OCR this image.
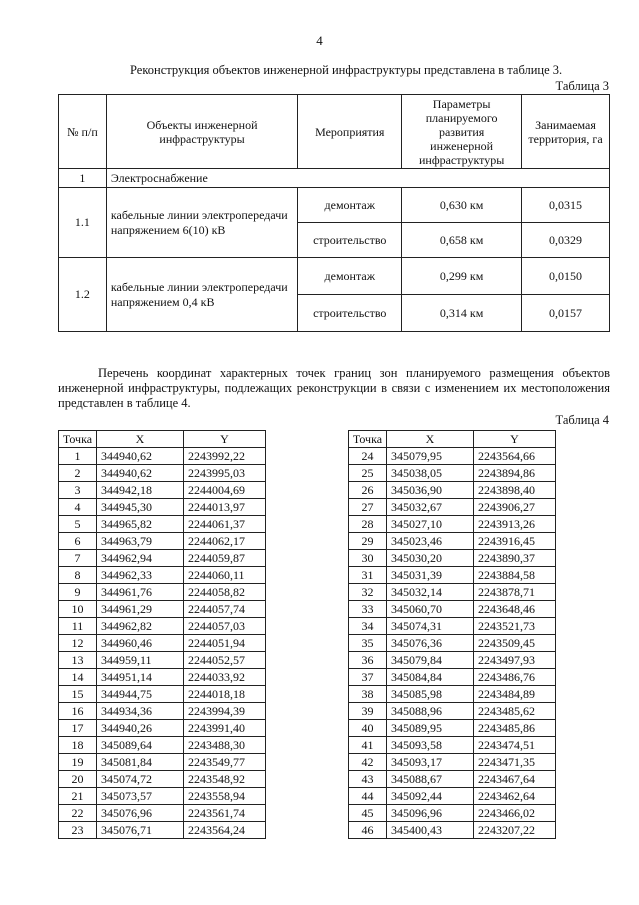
4
Реконструкция объектов инженерной инфраструктуры представлена в таблице 3.
Таблица 3
№ п/п	Объекты инженерной инфраструктуры	Мероприятия	Параметры планируемого развития инженерной инфраструктуры	Занимаемая территория, га
1	Электроснабжение			
1.1	кабельные линии электропередачи напряжением 6(10) кВ	демонтаж	0,630 км	0,0315
		строительство	0,658 км	0,0329
1.2	кабельные линии электропередачи напряжением 0,4 кВ	демонтаж	0,299 км	0,0150
		строительство	0,314 км	0,0157
Перечень координат характерных точек границ зон планируемого размещения объектов инженерной инфраструктуры, подлежащих реконструкции в связи с изменением их местоположения представлен в таблице 4.
Таблица 4
Точка	X	Y
1	344940,62	2243992,22
2	344940,62	2243995,03
3	344942,18	2244004,69
4	344945,30	2244013,97
5	344965,82	2244061,37
6	344963,79	2244062,17
7	344962,94	2244059,87
8	344962,33	2244060,11
9	344961,76	2244058,82
10	344961,29	2244057,74
11	344962,82	2244057,03
12	344960,46	2244051,94
13	344959,11	2244052,57
14	344951,14	2244033,92
15	344944,75	2244018,18
16	344934,36	2243994,39
17	344940,26	2243991,40
18	345089,64	2243488,30
19	345081,84	2243549,77
20	345074,72	2243548,92
21	345073,57	2243558,94
22	345076,96	2243561,74
23	345076,71	2243564,24
Точка	X	Y
24	345079,95	2243564,66
25	345038,05	2243894,86
26	345036,90	2243898,40
27	345032,67	2243906,27
28	345027,10	2243913,26
29	345023,46	2243916,45
30	345030,20	2243890,37
31	345031,39	2243884,58
32	345032,14	2243878,71
33	345060,70	2243648,46
34	345074,31	2243521,73
35	345076,36	2243509,45
36	345079,84	2243497,93
37	345084,84	2243486,76
38	345085,98	2243484,89
39	345088,96	2243485,62
40	345089,95	2243485,86
41	345093,58	2243474,51
42	345093,17	2243471,35
43	345088,67	2243467,64
44	345092,44	2243462,64
45	345096,96	2243466,02
46	345400,43	2243207,22
